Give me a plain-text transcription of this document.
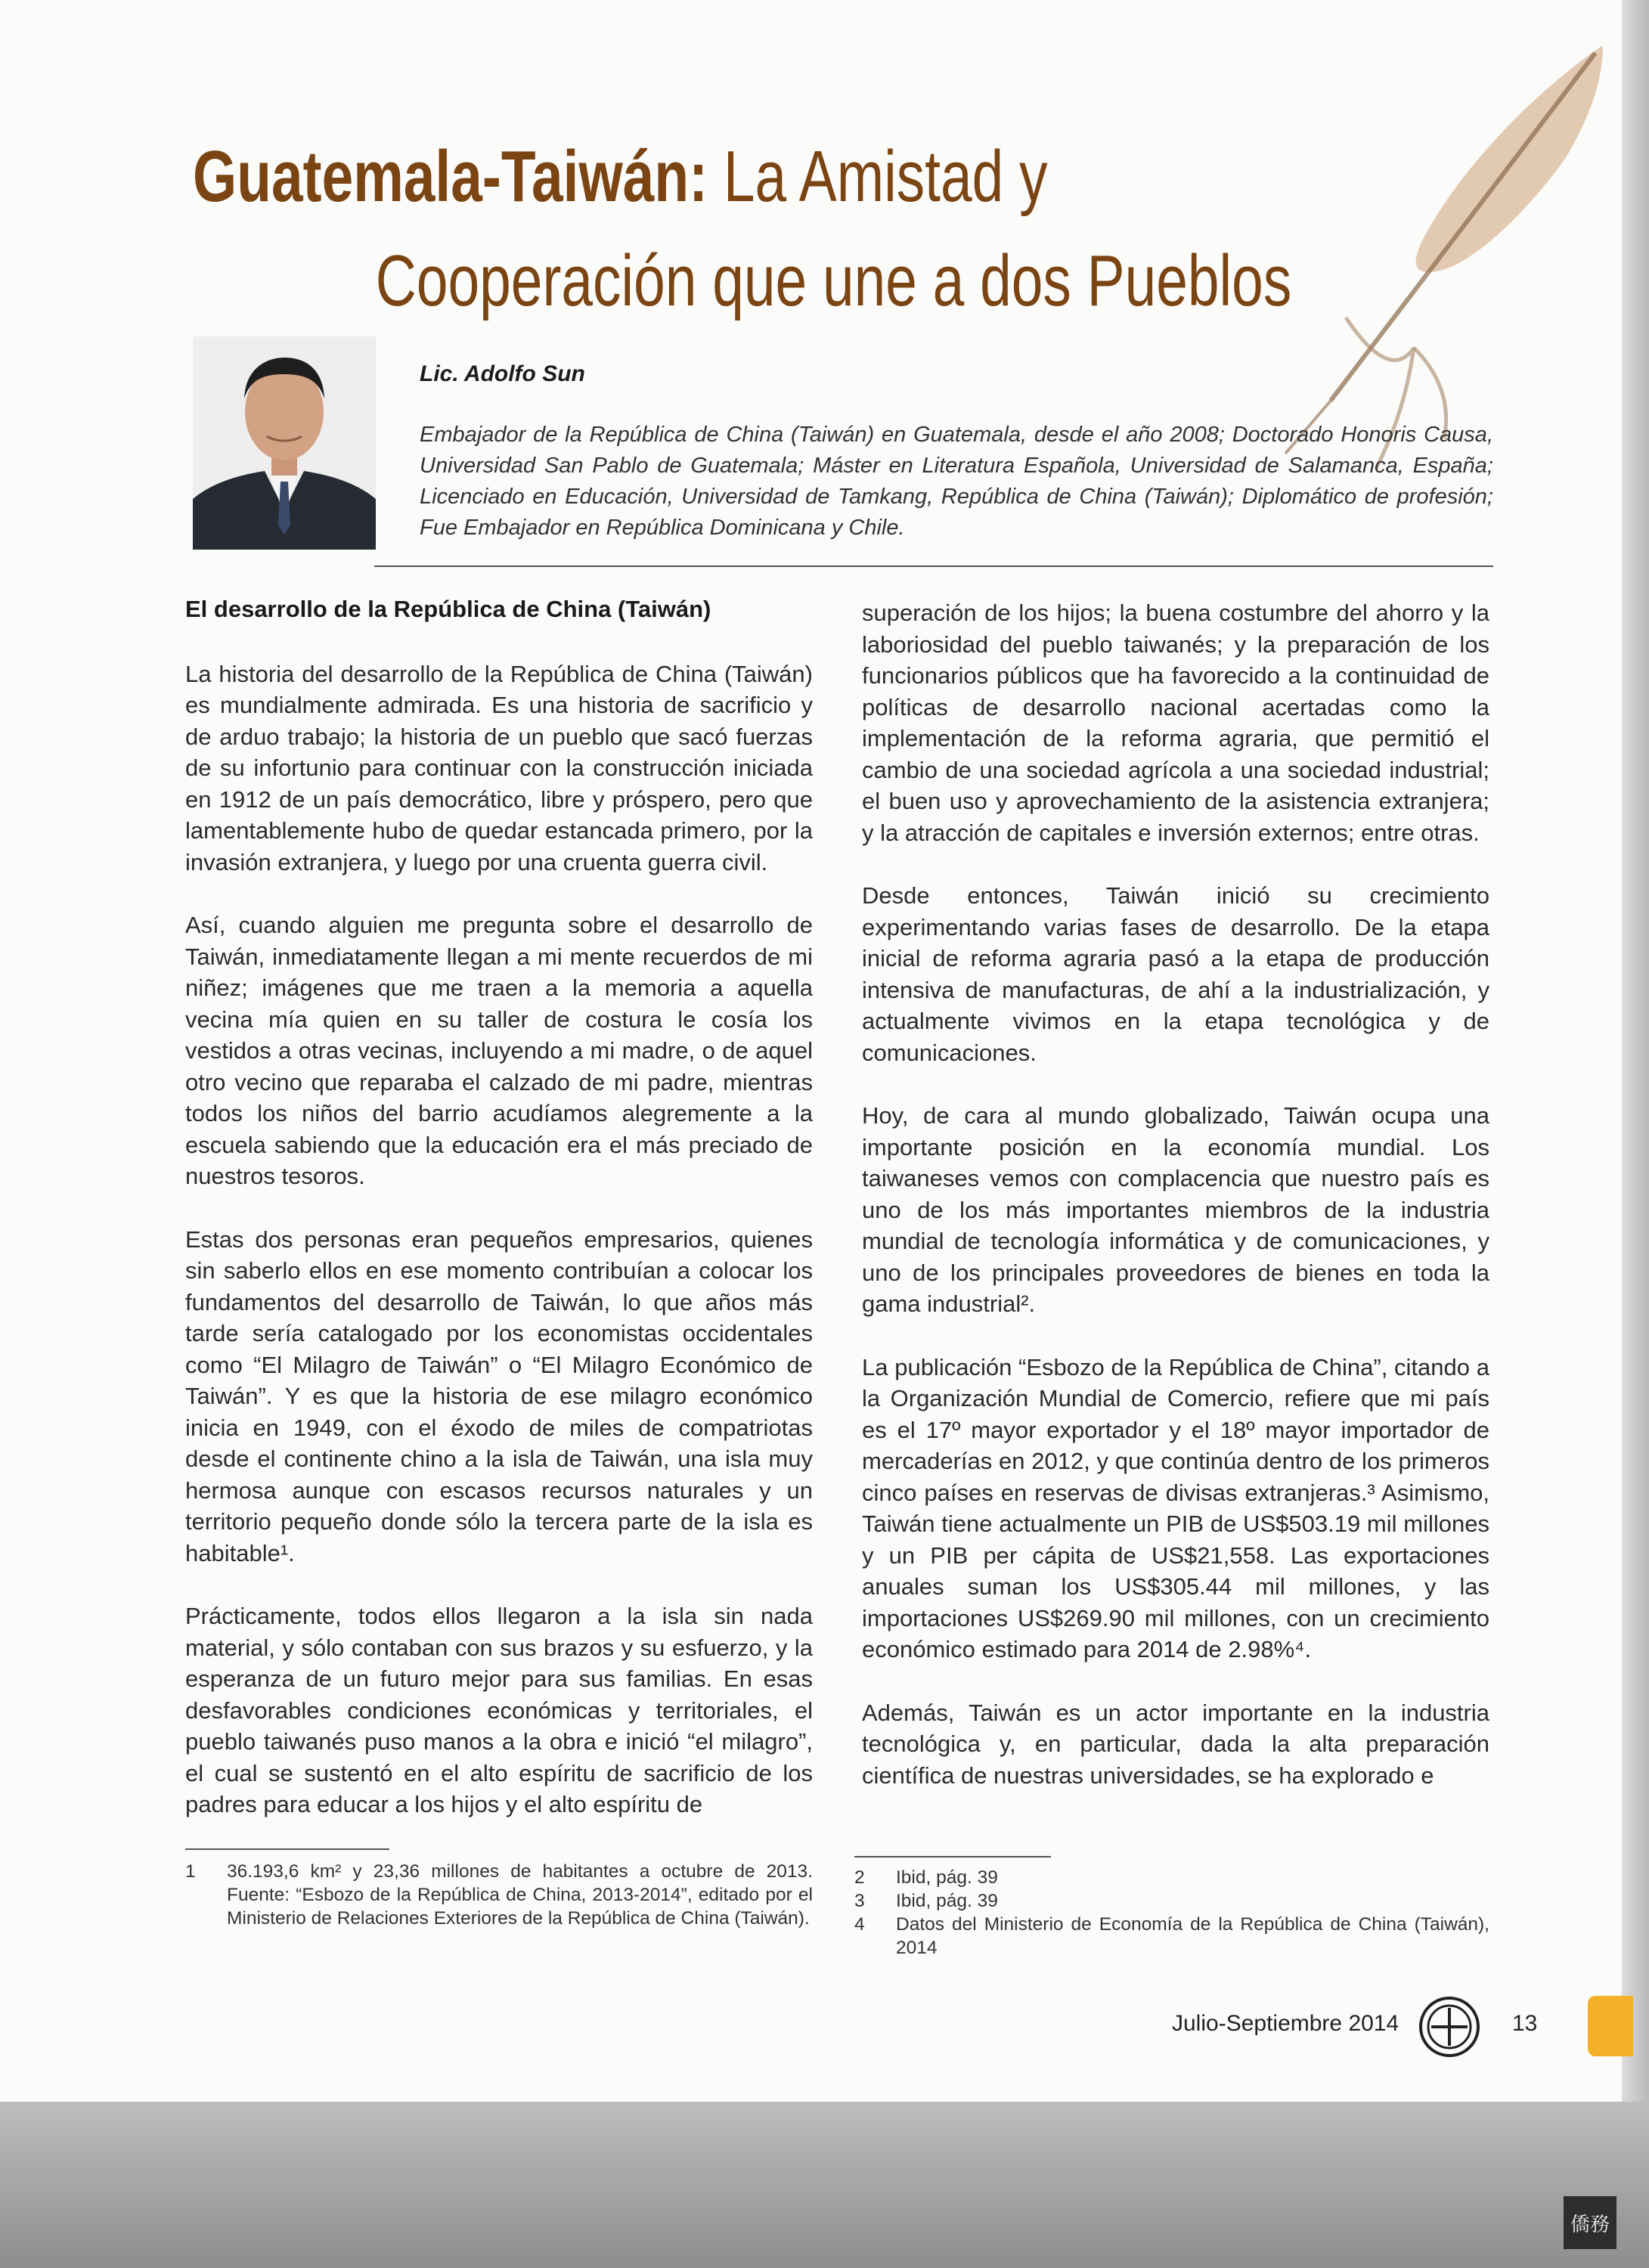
Guatemala-Taiwán: La Amistad y
Cooperación que une a dos Pueblos
Lic. Adolfo Sun
Embajador de la República de China (Taiwán) en Guatemala, desde el año 2008; Doctorado Honoris Causa, Universidad San Pablo de Guatemala; Máster en Literatura Española, Universidad de Salamanca, España; Licenciado en Educación, Universidad de Tamkang, República de China (Taiwán); Diplomático de profesión; Fue Embajador en República Dominicana y Chile.
El desarrollo de la República de China (Taiwán)

La historia del desarrollo de la República de China (Taiwán) es mundialmente admirada. Es una historia de sacrificio y de arduo trabajo; la historia de un pueblo que sacó fuerzas de su infortunio para continuar con la construcción iniciada en 1912 de un país democrático, libre y próspero, pero que lamentablemente hubo de quedar estancada primero, por la invasión extranjera, y luego por una cruenta guerra civil.

Así, cuando alguien me pregunta sobre el desarrollo de Taiwán, inmediatamente llegan a mi mente recuerdos de mi niñez; imágenes que me traen a la memoria a aquella vecina mía quien en su taller de costura le cosía los vestidos a otras vecinas, incluyendo a mi madre, o de aquel otro vecino que reparaba el calzado de mi padre, mientras todos los niños del barrio acudíamos alegremente a la escuela sabiendo que la educación era el más preciado de nuestros tesoros.

Estas dos personas eran pequeños empresarios, quienes sin saberlo ellos en ese momento contribuían a colocar los fundamentos del desarrollo de Taiwán, lo que años más tarde sería catalogado por los economistas occidentales como “El Milagro de Taiwán” o “El Milagro Económico de Taiwán”. Y es que la historia de ese milagro económico inicia en 1949, con el éxodo de miles de compatriotas desde el continente chino a la isla de Taiwán, una isla muy hermosa aunque con escasos recursos naturales y un territorio pequeño donde sólo la tercera parte de la isla es habitable¹.

Prácticamente, todos ellos llegaron a la isla sin nada material, y sólo contaban con sus brazos y su esfuerzo, y la esperanza de un futuro mejor para sus familias. En esas desfavorables condiciones económicas y territoriales, el pueblo taiwanés puso manos a la obra e inició “el milagro”, el cual se sustentó en el alto espíritu de sacrificio de los padres para educar a los hijos y el alto espíritu de

superación de los hijos; la buena costumbre del ahorro y la laboriosidad del pueblo taiwanés; y la preparación de los funcionarios públicos que ha favorecido a la continuidad de políticas de desarrollo nacional acertadas como la implementación de la reforma agraria, que permitió el cambio de una sociedad agrícola a una sociedad industrial; el buen uso y aprovechamiento de la asistencia extranjera; y la atracción de capitales e inversión externos; entre otras.

Desde entonces, Taiwán inició su crecimiento experimentando varias fases de desarrollo. De la etapa inicial de reforma agraria pasó a la etapa de producción intensiva de manufacturas, de ahí a la industrialización, y actualmente vivimos en la etapa tecnológica y de comunicaciones.

Hoy, de cara al mundo globalizado, Taiwán ocupa una importante posición en la economía mundial. Los taiwaneses vemos con complacencia que nuestro país es uno de los más importantes miembros de la industria mundial de tecnología informática y de comunicaciones, y uno de los principales proveedores de bienes en toda la gama industrial².

La publicación “Esbozo de la República de China”, citando a la Organización Mundial de Comercio, refiere que mi país es el 17º mayor exportador y el 18º mayor importador de mercaderías en 2012, y que continúa dentro de los primeros cinco países en reservas de divisas extranjeras.³ Asimismo, Taiwán tiene actualmente un PIB de US$503.19 mil millones y un PIB per cápita de US$21,558. Las exportaciones anuales suman los US$305.44 mil millones, y las importaciones US$269.90 mil millones, con un crecimiento económico estimado para 2014 de 2.98%⁴.

Además, Taiwán es un actor importante en la industria tecnológica y, en particular, dada la alta preparación científica de nuestras universidades, se ha explorado e

1	36.193,6 km² y 23,36 millones de habitantes a octubre de 2013. Fuente: “Esbozo de la República de China, 2013-2014”, editado por el Ministerio de Relaciones Exteriores de la República de China (Taiwán).
2	Ibid, pág. 39
3	Ibid, pág. 39
4	Datos del Ministerio de Economía de la República de China (Taiwán), 2014
Julio-Septiembre 2014	13
僑務
